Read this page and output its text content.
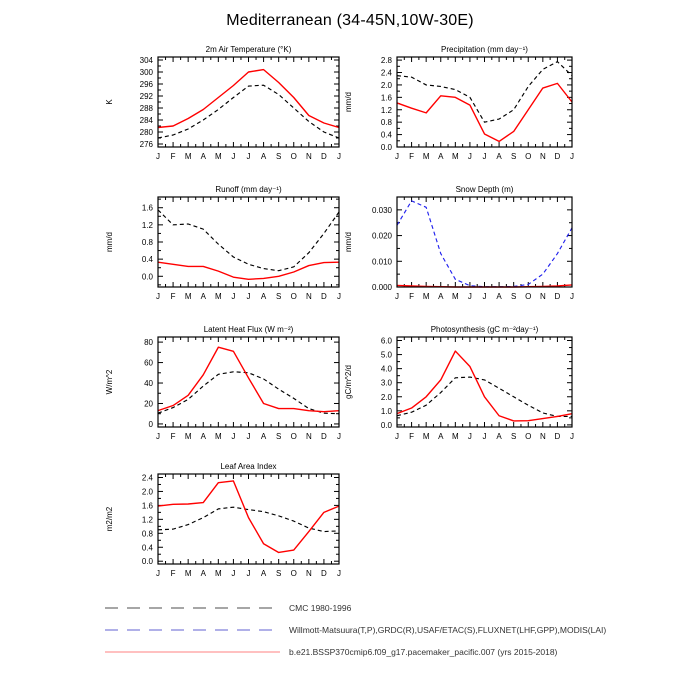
Mediterranean (34-45N,10W-30E)
276
280
284
288
292
296
300
304
J F M A M J J A S O N D J
2m Air Temperature (°K)
K
0.0
0.4
0.8
1.2
1.6
2.0
2.4
2.8
J F M A M J J A S O N D J
Precipitation (mm day⁻¹)
mm/d
0.0
0.4
0.8
1.2
1.6
J F M A M J J A S O N D J
Runoff (mm day⁻¹)
mm/d
0.000
0.010
0.020
0.030
J F M A M J J A S O N D J
Snow Depth (m)
mm/d
0
20
40
60
80
J F M A M J J A S O N D J
Latent Heat Flux (W m⁻²)
W/m^2
0.0
1.0
2.0
3.0
4.0
5.0
6.0
J F M A M J J A S O N D J
Photosynthesis (gC m⁻²day⁻¹)
gC/m^2/d
0.0
0.4
0.8
1.2
1.6
2.0
2.4
J F M A M J J A S O N D J
Leaf Area Index
m2/m2
CMC 1980-1996
Willmott-Matsuura(T,P),GRDC(R),USAF/ETAC(S),FLUXNET(LHF,GPP),MODIS(LAI)
b.e21.BSSP370cmip6.f09_g17.pacemaker_pacific.007 (yrs 2015-2018)
